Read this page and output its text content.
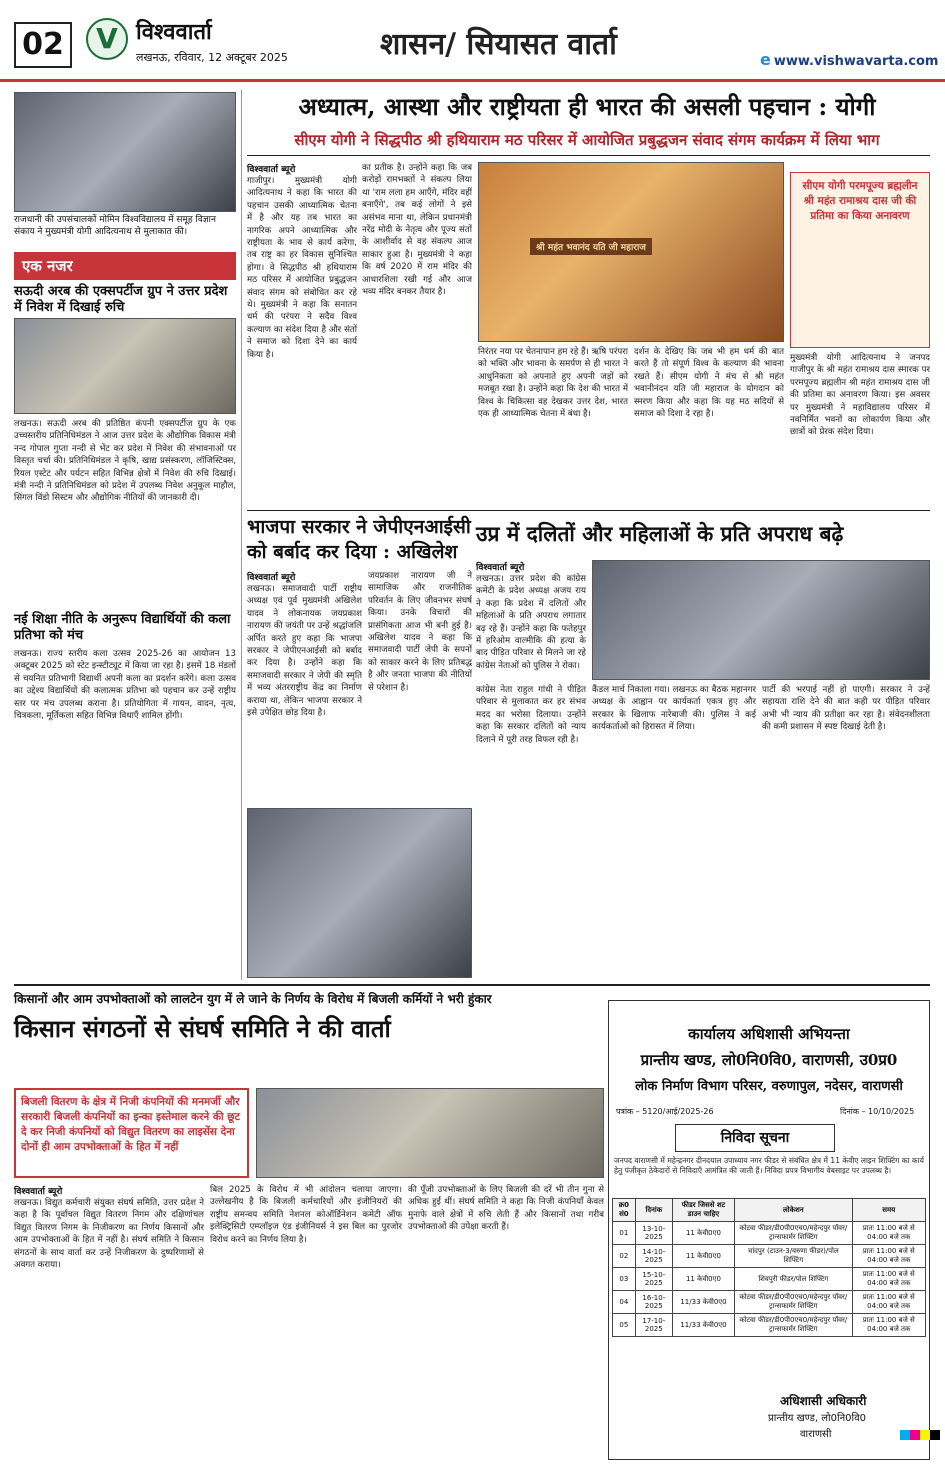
02	V विश्ववार्ता
लखनऊ, रविवार, 12 अक्टूबर 2025	शासन/ सियासत वार्ता	e www.vishwavarta.com
राजधानी की उपसंचालकों मोमिन विश्वविद्यालय में समूह विज्ञान संकाय ने मुख्यमंत्री योगी आदित्यनाथ से मुलाकात की।
एक नजर
सऊदी अरब की एक्सपर्टीज ग्रुप ने उत्तर प्रदेश में निवेश में दिखाई रुचि
लखनऊ। सऊदी अरब की प्रतिष्ठित कंपनी एक्सपर्टीज ग्रुप के एक उच्चस्तरीय प्रतिनिधिमंडल ने आज उत्तर प्रदेश के औद्योगिक विकास मंत्री नन्द गोपाल गुप्ता नन्दी से भेंट कर प्रदेश में निवेश की संभावनाओं पर विस्तृत चर्चा की। प्रतिनिधिमंडल ने कृषि, खाद्य प्रसंस्करण, लॉजिस्टिक्स, रियल एस्टेट और पर्यटन सहित विभिन्न क्षेत्रों में निवेश की रुचि दिखाई। मंत्री नन्दी ने प्रतिनिधिमंडल को प्रदेश में उपलब्ध निवेश अनुकूल माहौल, सिंगल विंडो सिस्टम और औद्योगिक नीतियों की जानकारी दी।
नई शिक्षा नीति के अनुरूप विद्यार्थियों की कला प्रतिभा को मंच
लखनऊ। राज्य स्तरीय कला उत्सव 2025-26 का आयोजन 13 अक्टूबर 2025 को स्टेट इन्स्टीट्यूट में किया जा रहा है। इसमें 18 मंडलों से चयनित प्रतिभागी विद्यार्थी अपनी कला का प्रदर्शन करेंगे। कला उत्सव का उद्देश्य विद्यार्थियों की कलात्मक प्रतिभा को पहचान कर उन्हें राष्ट्रीय स्तर पर मंच उपलब्ध कराना है। प्रतियोगिता में गायन, वादन, नृत्य, चित्रकला, मूर्तिकला सहित विभिन्न विधाएँ शामिल होंगी।
अध्यात्म, आस्था और राष्ट्रीयता ही भारत की असली पहचान : योगी
सीएम योगी ने सिद्धपीठ श्री हथियाराम मठ परिसर में आयोजित प्रबुद्धजन संवाद संगम कार्यक्रम में लिया भाग
विश्ववार्ता ब्यूरो
गाजीपुर। मुख्यमंत्री योगी आदित्यनाथ ने कहा कि भारत की पहचान उसकी आध्यात्मिक चेतना में है और यह तब भारत का नागरिक अपने आध्यात्मिक और राष्ट्रीयता के भाव से कार्य करेगा, तब राष्ट्र का हर विकास सुनिश्चित होगा। वे सिद्धपीठ श्री हथियाराम मठ परिसर में आयोजित प्रबुद्धजन संवाद संगम को संबोधित कर रहे थे। मुख्यमंत्री ने कहा कि सनातन धर्म की परंपरा ने सदैव विश्व कल्याण का संदेश दिया है और संतों ने समाज को दिशा देने का कार्य किया है।
का प्रतीक है। उन्होंने कहा कि जब करोड़ों रामभक्तों ने संकल्प लिया था 'राम लला हम आएँगे, मंदिर वहीं बनाएँगे', तब कई लोगों ने इसे असंभव माना था, लेकिन प्रधानमंत्री नरेंद्र मोदी के नेतृत्व और पूज्य संतों के आशीर्वाद से वह संकल्प आज साकार हुआ है। मुख्यमंत्री ने कहा कि वर्ष 2020 में राम मंदिर की आधारशिला रखी गई और आज भव्य मंदिर बनकर तैयार है।
श्री महंत भवानंद यति जी महाराज
निरंतर नया पर चेतनापान हम रहे हैं। ऋषि परंपरा को भक्ति और भावना के समर्पण से ही भारत ने आधुनिकता को अपनाते हुए अपनी जड़ों को मजबूत रखा है। उन्होंने कहा कि देश की भारत में विश्व के चिकित्सा वह देखकर उत्तर देश, भारत एक ही आध्यात्मिक चेतना में बंधा है।
दर्शन के देखिए कि जब भी हम धर्म की बात करते हैं तो संपूर्ण विश्व के कल्याण की भावना रखते हैं। सीएम योगी ने मंच से श्री महंत भवानीनंदन यति जी महाराज के योगदान को स्मरण किया और कहा कि यह मठ सदियों से समाज को दिशा दे रहा है।
सीएम योगी परमपूज्य ब्रह्मलीन श्री महंत रामाश्रय दास जी की प्रतिमा का किया अनावरण
मुख्यमंत्री योगी आदित्यनाथ ने जनपद गाजीपुर के श्री महंत रामाश्रय दास स्मारक पर परमपूज्य ब्रह्मलीन श्री महंत रामाश्रय दास जी की प्रतिमा का अनावरण किया। इस अवसर पर मुख्यमंत्री ने महाविद्यालय परिसर में नवनिर्मित भवनों का लोकार्पण किया और छात्रों को प्रेरक संदेश दिया।
भाजपा सरकार ने जेपीएनआईसी को बर्बाद कर दिया : अखिलेश
विश्ववार्ता ब्यूरो
लखनऊ। समाजवादी पार्टी राष्ट्रीय अध्यक्ष एवं पूर्व मुख्यमंत्री अखिलेश यादव ने लोकनायक जयप्रकाश नारायण की जयंती पर उन्हें श्रद्धांजलि अर्पित करते हुए कहा कि भाजपा सरकार ने जेपीएनआईसी को बर्बाद कर दिया है। उन्होंने कहा कि समाजवादी सरकार ने जेपी की स्मृति में भव्य अंतरराष्ट्रीय केंद्र का निर्माण कराया था, लेकिन भाजपा सरकार ने इसे उपेक्षित छोड़ दिया है।
जयप्रकाश नारायण जी ने सामाजिक और राजनीतिक परिवर्तन के लिए जीवनभर संघर्ष किया। उनके विचारों की प्रासंगिकता आज भी बनी हुई है। अखिलेश यादव ने कहा कि समाजवादी पार्टी जेपी के सपनों को साकार करने के लिए प्रतिबद्ध है और जनता भाजपा की नीतियों से परेशान है।
उप्र में दलितों और महिलाओं के प्रति अपराध बढ़े
विश्ववार्ता ब्यूरो
लखनऊ। उत्तर प्रदेश की कांग्रेस कमेटी के प्रदेश अध्यक्ष अजय राय ने कहा कि प्रदेश में दलितों और महिलाओं के प्रति अपराध लगातार बढ़ रहे हैं। उन्होंने कहा कि फतेहपुर में हरिओम वाल्मीकि की हत्या के बाद पीड़ित परिवार से मिलने जा रहे कांग्रेस नेताओं को पुलिस ने रोका।
कांग्रेस नेता राहुल गांधी ने पीड़ित परिवार से मुलाकात कर हर संभव मदद का भरोसा दिलाया। उन्होंने कहा कि सरकार दलितों को न्याय दिलाने में पूरी तरह विफल रही है।
कैंडल मार्च निकाला गया। लखनऊ का बैठक महानगर अध्यक्ष के आह्वान पर कार्यकर्ता एकत्र हुए और सरकार के खिलाफ नारेबाजी की। पुलिस ने कई कार्यकर्ताओं को हिरासत में लिया।
पार्टी की भरपाई नहीं हो पाएगी। सरकार ने उन्हें सहायता राशि देने की बात कही पर पीड़ित परिवार अभी भी न्याय की प्रतीक्षा कर रहा है। संवेदनशीलता की कमी प्रशासन में स्पष्ट दिखाई देती है।
किसानों और आम उपभोक्ताओं को लालटेन युग में ले जाने के निर्णय के विरोध में बिजली कर्मियों ने भरी हुंकार
किसान संगठनों से संघर्ष समिति ने की वार्ता
बिजली वितरण के क्षेत्र में निजी कंपनियों की मनमर्जी और सरकारी बिजली कंपनियों का इन्का इस्तेमाल करने की छूट दे कर निजी कंपनियों को विद्युत वितरण का लाइसेंस देना दोनों ही आम उपभोक्ताओं के हित में नहीं
विश्ववार्ता ब्यूरो
लखनऊ। विद्युत कर्मचारी संयुक्त संघर्ष समिति, उत्तर प्रदेश ने कहा है कि पूर्वांचल विद्युत वितरण निगम और दक्षिणांचल विद्युत वितरण निगम के निजीकरण का निर्णय किसानों और आम उपभोक्ताओं के हित में नहीं है। संघर्ष समिति ने किसान संगठनों के साथ वार्ता कर उन्हें निजीकरण के दुष्परिणामों से अवगत कराया।
बिल 2025 के विरोध में भी आंदोलन चलाया जाएगा। उल्लेखनीय है कि बिजली कर्मचारियों और इंजीनियरों की राष्ट्रीय समन्वय समिति नेशनल कोऑर्डिनेशन कमेटी ऑफ इलेक्ट्रिसिटी एम्प्लॉइज एंड इंजीनियर्स ने इस बिल का पुरजोर विरोध करने का निर्णय लिया है।
की पूँजी उपभोक्ताओं के लिए बिजली की दरें भी तीन गुना से अधिक हुईं थीं। संघर्ष समिति ने कहा कि निजी कंपनियाँ केवल मुनाफे वाले क्षेत्रों में रुचि लेती हैं और किसानों तथा गरीब उपभोक्ताओं की उपेक्षा करती हैं।
कार्यालय अधिशासी अभियन्ता
प्रान्तीय खण्ड, लो0नि0वि0, वाराणसी, उ0प्र0
लोक निर्माण विभाग परिसर, वरुणापुल, नदेसर, वाराणसी
पत्रांक – 5120/आई/2025-26	दिनांक – 10/10/2025
निविदा सूचना
जनपद वाराणसी में महेन्द्रनगर दीनदयाल उपाध्याय नगर फीडर से संबंधित क्षेत्र में 11 केवीए लाइन शिफ्टिंग का कार्य हेतु पंजीकृत ठेकेदारों से निविदाएँ आमंत्रित की जाती हैं। निविदा प्रपत्र विभागीय वेबसाइट पर उपलब्ध है।
क्र0 सं0	दिनांक	फीडर जिससे शट डाउन चाहिए	लोकेशन	समय
01	13-10-2025	11 केवी0ए0	कोटवा फीडर/डी0पी0एच0/महेन्दपुर पॉवर/ ट्रान्सफार्मर शिफ्टिंग	प्रातः 11:00 बजे से 04:00 बजे तक
02	14-10-2025	11 केवी0ए0	चांदपुर (टाउन-3/वरुणा फीडर)/पोल शिफ्टिंग	प्रातः 11:00 बजे से 04:00 बजे तक
03	15-10-2025	11 केवी0ए0	शिवपुरी फीडर/पोल शिफ्टिंग	प्रातः 11:00 बजे से 04:00 बजे तक
04	16-10-2025	11/33 केवी0ए0	कोटवा फीडर/डी0पी0एच0/महेन्दपुर पॉवर/ ट्रान्सफार्मर शिफ्टिंग	प्रातः 11:00 बजे से 04:00 बजे तक
05	17-10-2025	11/33 केवी0ए0	कोटवा फीडर/डी0पी0एच0/महेन्दपुर पॉवर/ ट्रान्सफार्मर शिफ्टिंग	प्रातः 11:00 बजे से 04:00 बजे तक
अधिशासी अधिकारी
प्रान्तीय खण्ड, लो0नि0वि0
वाराणसी
